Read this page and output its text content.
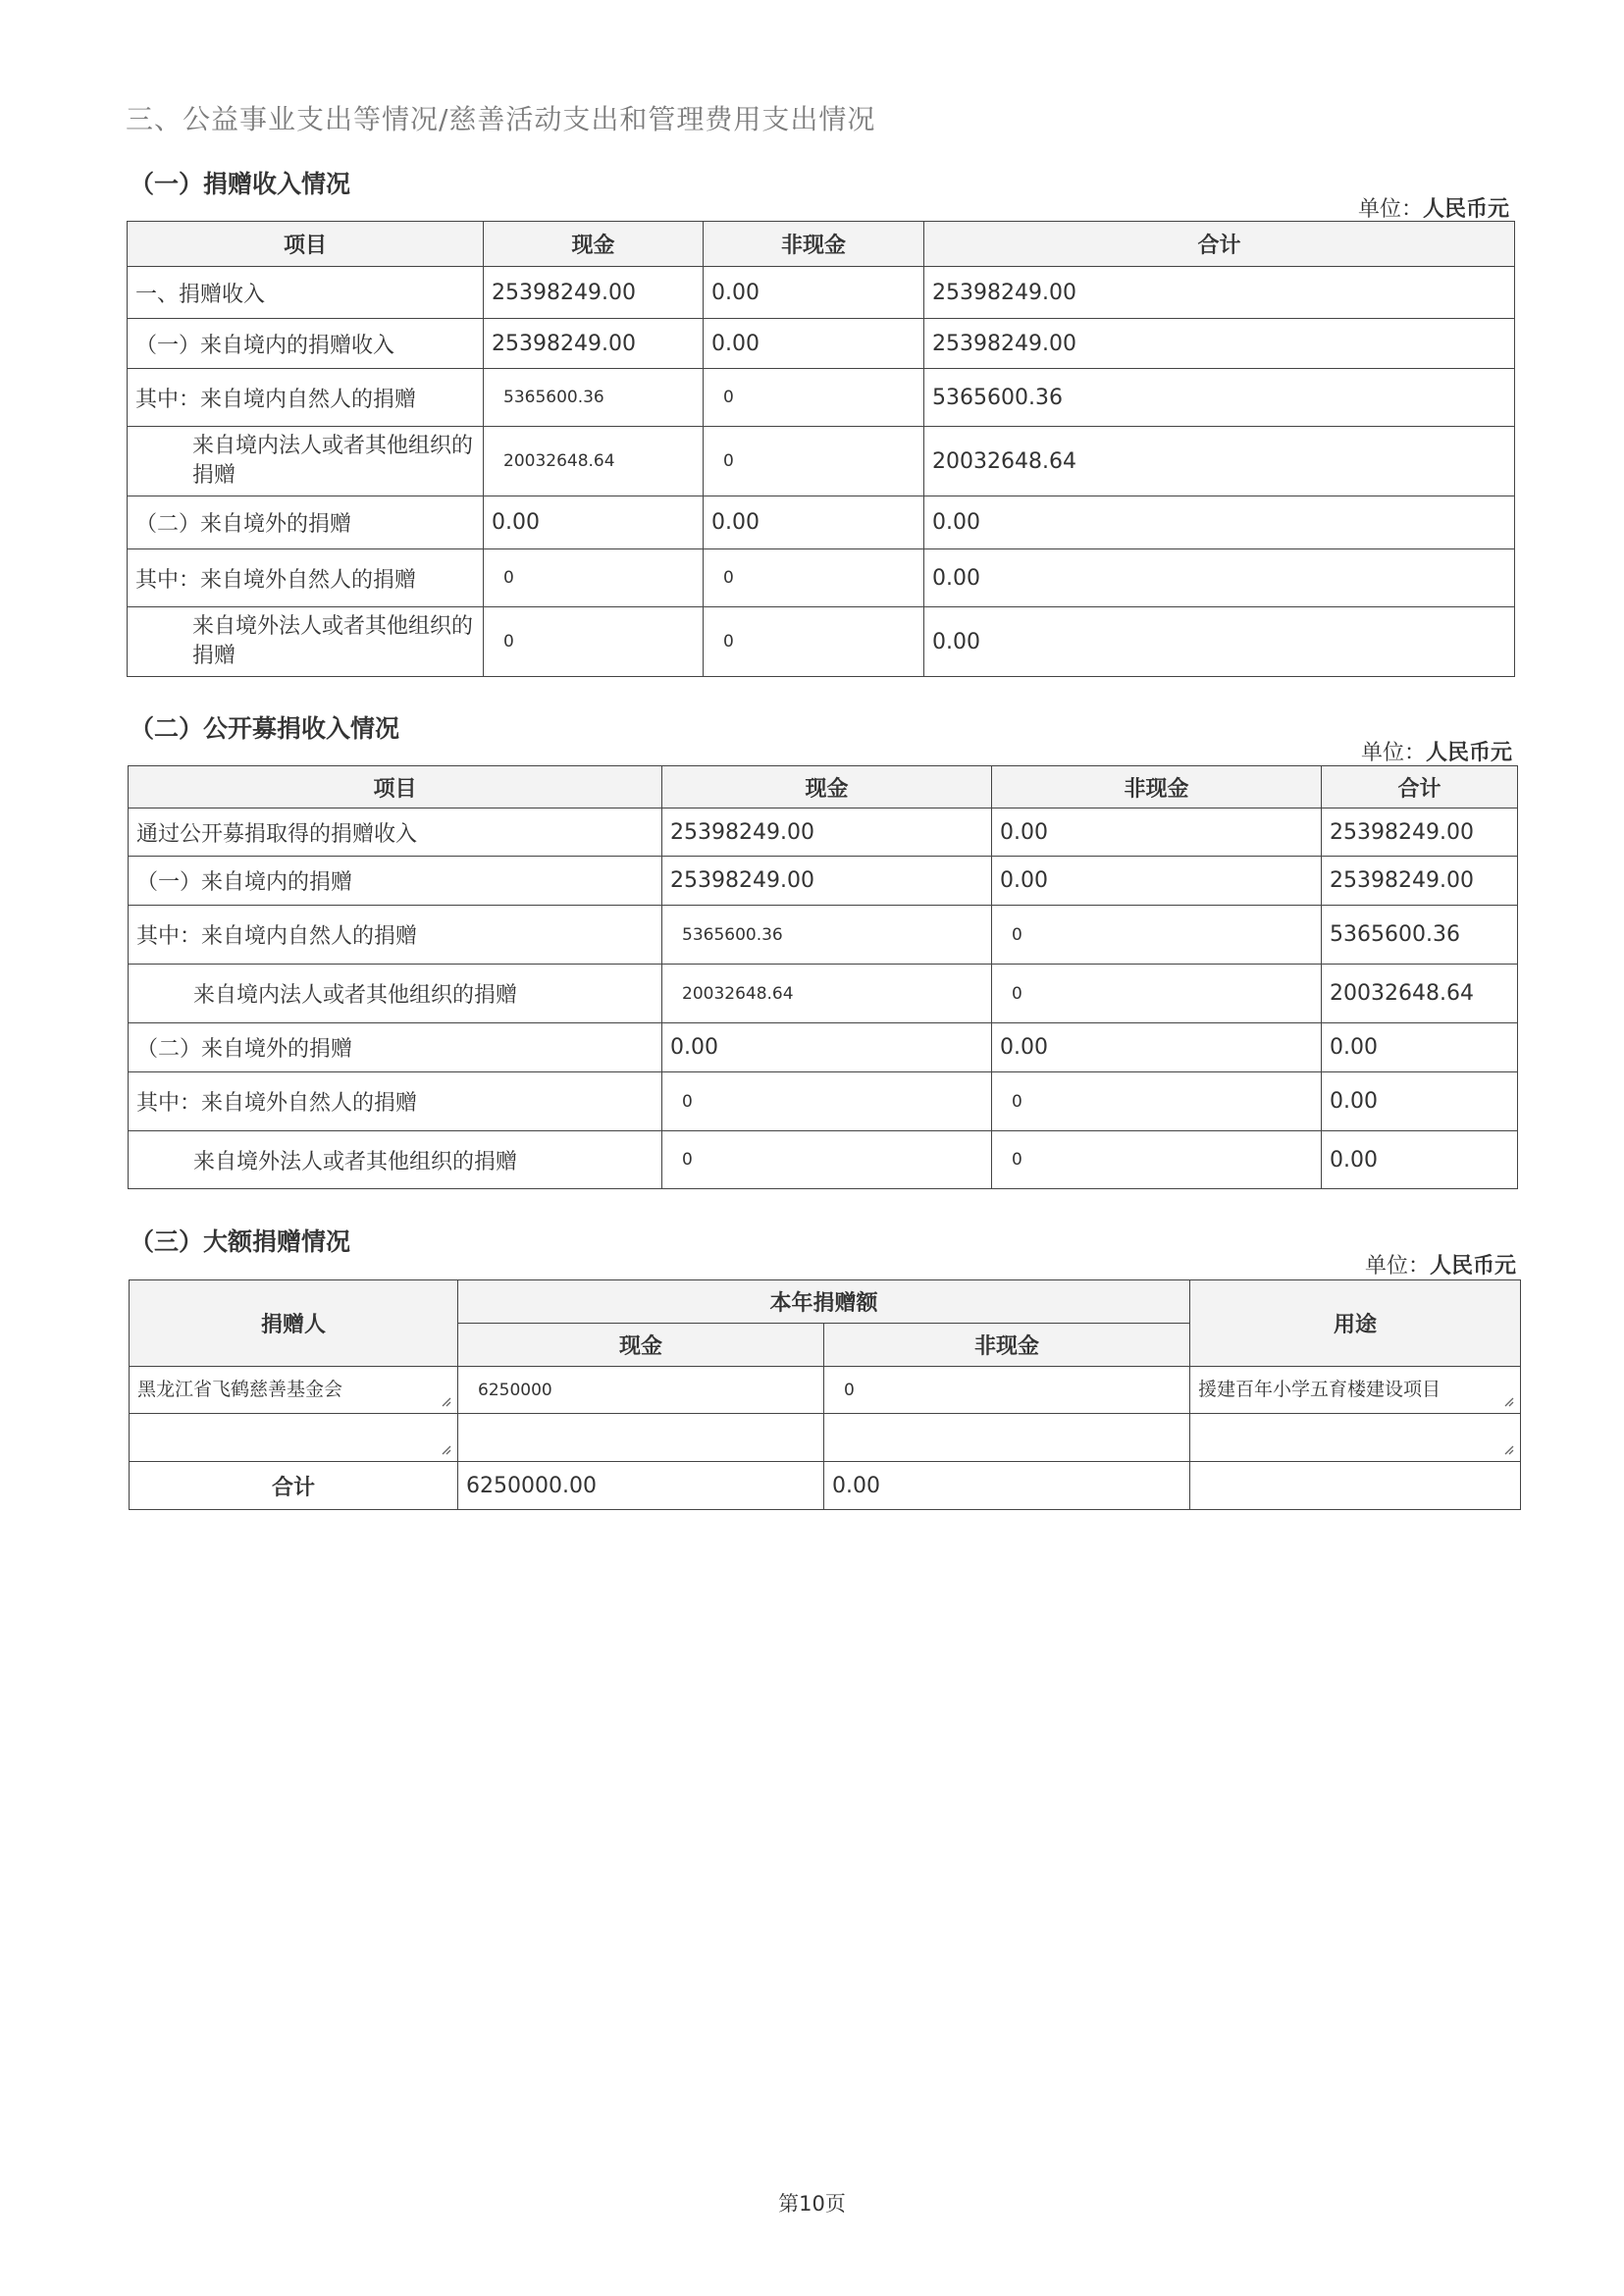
三、公益事业支出等情况/慈善活动支出和管理费用支出情况
（一）捐赠收入情况
单位：人民币元
项目	现金	非现金	合计
一、捐赠收入	25398249.00	0.00	25398249.00
（一）来自境内的捐赠收入	25398249.00	0.00	25398249.00
其中：来自境内自然人的捐赠	5365600.36	0	5365600.36
来自境内法人或者其他组织的捐赠	20032648.64	0	20032648.64
（二）来自境外的捐赠	0.00	0.00	0.00
其中：来自境外自然人的捐赠	0	0	0.00
来自境外法人或者其他组织的捐赠	0	0	0.00
（二）公开募捐收入情况
单位：人民币元
项目	现金	非现金	合计
通过公开募捐取得的捐赠收入	25398249.00	0.00	25398249.00
（一）来自境内的捐赠	25398249.00	0.00	25398249.00
其中：来自境内自然人的捐赠	5365600.36	0	5365600.36
来自境内法人或者其他组织的捐赠	20032648.64	0	20032648.64
（二）来自境外的捐赠	0.00	0.00	0.00
其中：来自境外自然人的捐赠	0	0	0.00
来自境外法人或者其他组织的捐赠	0	0	0.00
（三）大额捐赠情况
单位：人民币元
捐赠人	本年捐赠额		用途
	现金	非现金	
黑龙江省飞鹤慈善基金会	6250000	0	援建百年小学五育楼建设项目

合计	6250000.00	0.00	
第10页
